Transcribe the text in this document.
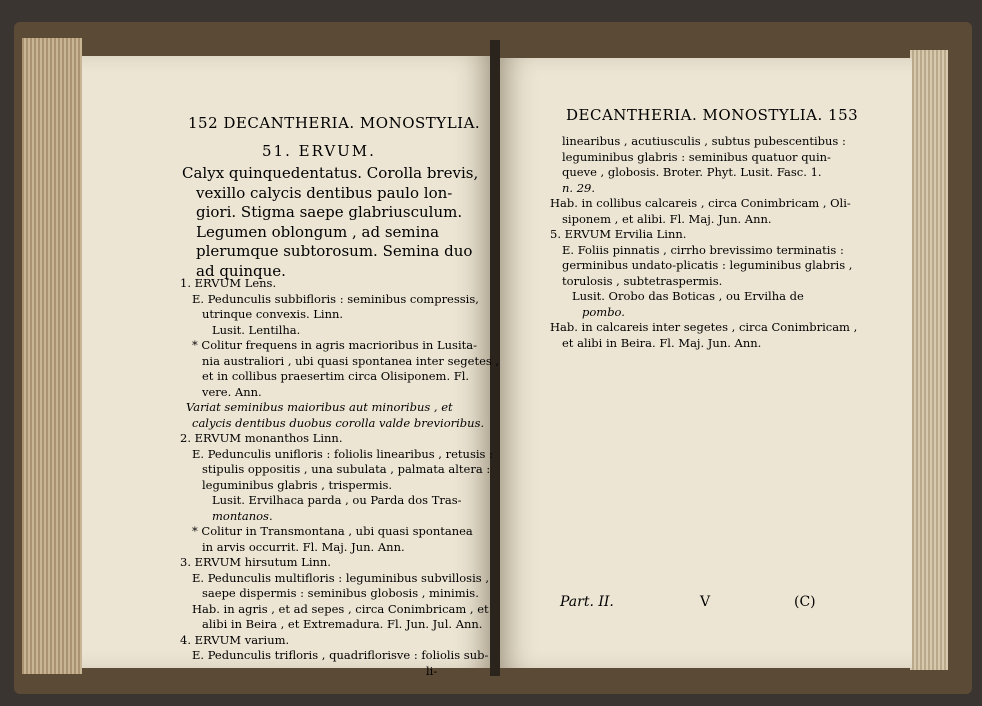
152 DECANTHERIA. MONOSTYLIA.
51. ERVUM.
Calyx quinquedentatus. Corolla brevis,
vexillo calycis dentibus paulo lon-
giori. Stigma saepe glabriusculum.
Legumen oblongum , ad semina
plerumque subtorosum. Semina duo
ad quinque.
1. ERVUM Lens.
E. Pedunculis subbifloris : seminibus compressis,
utrinque convexis. Linn.
Lusit. Lentilha.
* Colitur frequens in agris macrioribus in Lusita-
nia australiori , ubi quasi spontanea inter segetes ,
et in collibus praesertim circa Olisiponem. Fl.
vere. Ann.
Variat seminibus maioribus aut minoribus , et
calycis dentibus duobus corolla valde brevioribus.
2. ERVUM monanthos Linn.
E. Pedunculis unifloris : foliolis linearibus , retusis :
stipulis oppositis , una subulata , palmata altera :
leguminibus glabris , trispermis.
Lusit. Ervilhaca parda , ou Parda dos Tras-
montanos.
* Colitur in Transmontana , ubi quasi spontanea
in arvis occurrit. Fl. Maj. Jun. Ann.
3. ERVUM hirsutum Linn.
E. Pedunculis multifloris : leguminibus subvillosis ,
saepe dispermis : seminibus globosis , minimis.
Hab. in agris , et ad sepes , circa Conimbricam , et
alibi in Beira , et Extremadura. Fl. Jun. Jul. Ann.
4. ERVUM varium.
E. Pedunculis trifloris , quadriflorisve : foliolis sub-
li-
DECANTHERIA. MONOSTYLIA. 153
linearibus , acutiusculis , subtus pubescentibus :
leguminibus glabris : seminibus quatuor quin-
queve , globosis. Broter. Phyt. Lusit. Fasc. 1.
n. 29.
Hab. in collibus calcareis , circa Conimbricam , Oli-
siponem , et alibi. Fl. Maj. Jun. Ann.
5. ERVUM Ervilia Linn.
E. Foliis pinnatis , cirrho brevissimo terminatis :
germinibus undato-plicatis : leguminibus glabris ,
torulosis , subtetraspermis.
Lusit. Orobo das Boticas , ou Ervilha de
pombo.
Hab. in calcareis inter segetes , circa Conimbricam ,
et alibi in Beira. Fl. Maj. Jun. Ann.
Part. II.	V	(C)
